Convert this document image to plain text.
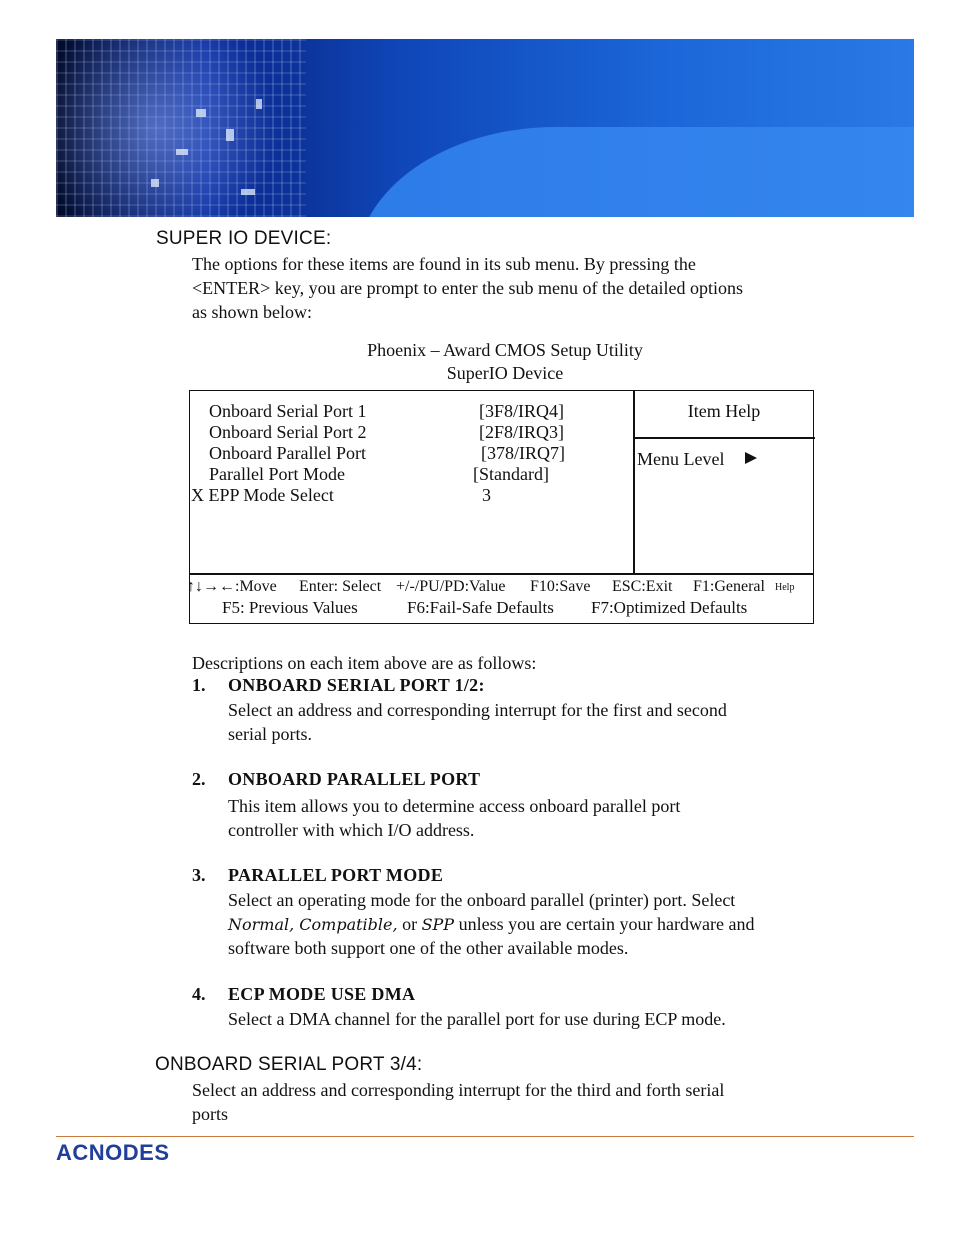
SUPER IO DEVICE:
The options for these items are found in its sub menu. By pressing the
<ENTER> key, you are prompt to enter the sub menu of the detailed options
as shown below:
Phoenix – Award CMOS Setup Utility
SuperIO Device
Onboard Serial Port 1	[3F8/IRQ4]
Onboard Serial Port 2	[2F8/IRQ3]
Onboard Parallel Port	[378/IRQ7]
Parallel Port Mode	[Standard]
X EPP Mode Select	3
Item Help
Menu Level
↑↓→←:Move Enter: Select +/-/PU/PD:Value F10:Save ESC:Exit F1:General Help
F5: Previous Values	F6:Fail-Safe Defaults F7:Optimized Defaults
Descriptions on each item above are as follows:
1. ONBOARD SERIAL PORT 1/2:
Select an address and corresponding interrupt for the first and second
serial ports.
2. ONBOARD PARALLEL PORT
This item allows you to determine access onboard parallel port
controller with which I/O address.
3. PARALLEL PORT MODE
Select an operating mode for the onboard parallel (printer) port. Select
Normal, Compatible, or SPP unless you are certain your hardware and
software both support one of the other available modes.
4. ECP MODE USE DMA
Select a DMA channel for the parallel port for use during ECP mode.
ONBOARD SERIAL PORT 3/4:
Select an address and corresponding interrupt for the third and forth serial
ports
ACNODES
